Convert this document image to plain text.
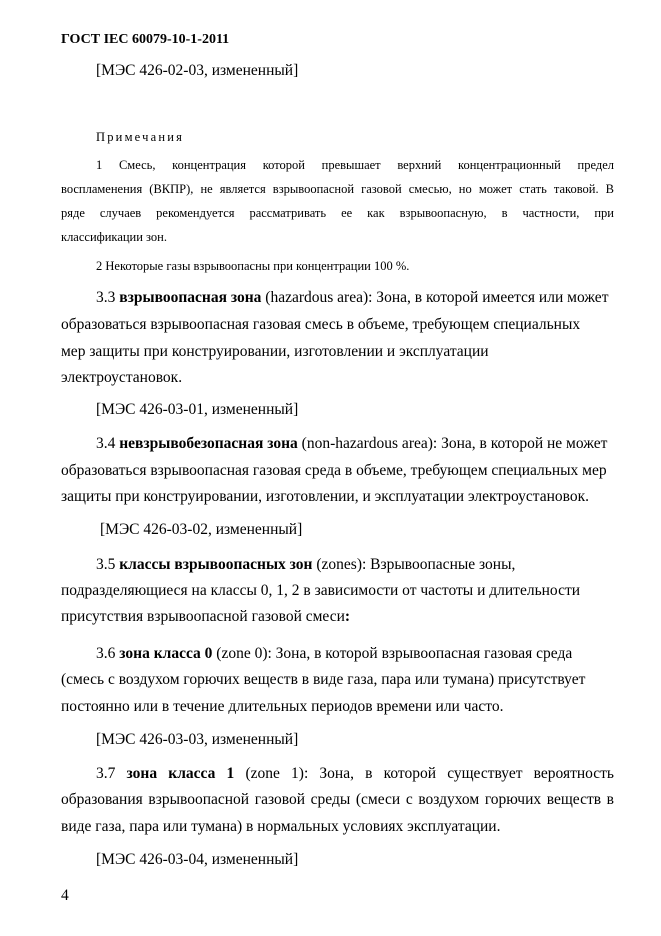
ГОСТ IEC 60079-10-1-2011
[МЭС 426-02-03, измененный]
Примечания
1 Смесь, концентрация которой превышает верхний концентрационный предел
воспламенения (ВКПР), не является взрывоопасной газовой смесью, но может стать таковой. В
ряде случаев рекомендуется рассматривать ее как взрывоопасную, в частности, при
классификации зон.
2 Некоторые газы взрывоопасны при концентрации 100 %.
3.3 взрывоопасная зона (hazardous area): Зона, в которой имеется или может
образоваться взрывоопасная газовая смесь в объеме, требующем специальных
мер защиты при конструировании, изготовлении и эксплуатации
электроустановок.
[МЭС 426-03-01, измененный]
3.4 невзрывобезопасная зона (non-hazardous area): Зона, в которой не может
образоваться взрывоопасная газовая среда в объеме, требующем специальных мер
защиты при конструировании, изготовлении, и эксплуатации электроустановок.
[МЭС 426-03-02, измененный]
3.5 классы взрывоопасных зон (zones): Взрывоопасные зоны,
подразделяющиеся на классы 0, 1, 2 в зависимости от частоты и длительности
присутствия взрывоопасной газовой смеси:
3.6 зона класса 0 (zone 0): Зона, в которой взрывоопасная газовая среда
(смесь с воздухом горючих веществ в виде газа, пара или тумана) присутствует
постоянно или в течение длительных периодов времени или часто.
[МЭС 426-03-03, измененный]
3.7 зона класса 1 (zone 1): Зона, в которой существует вероятность
образования взрывоопасной газовой среды (смеси с воздухом горючих веществ в
виде газа, пара или тумана) в нормальных условиях эксплуатации.
[МЭС 426-03-04, измененный]
4
